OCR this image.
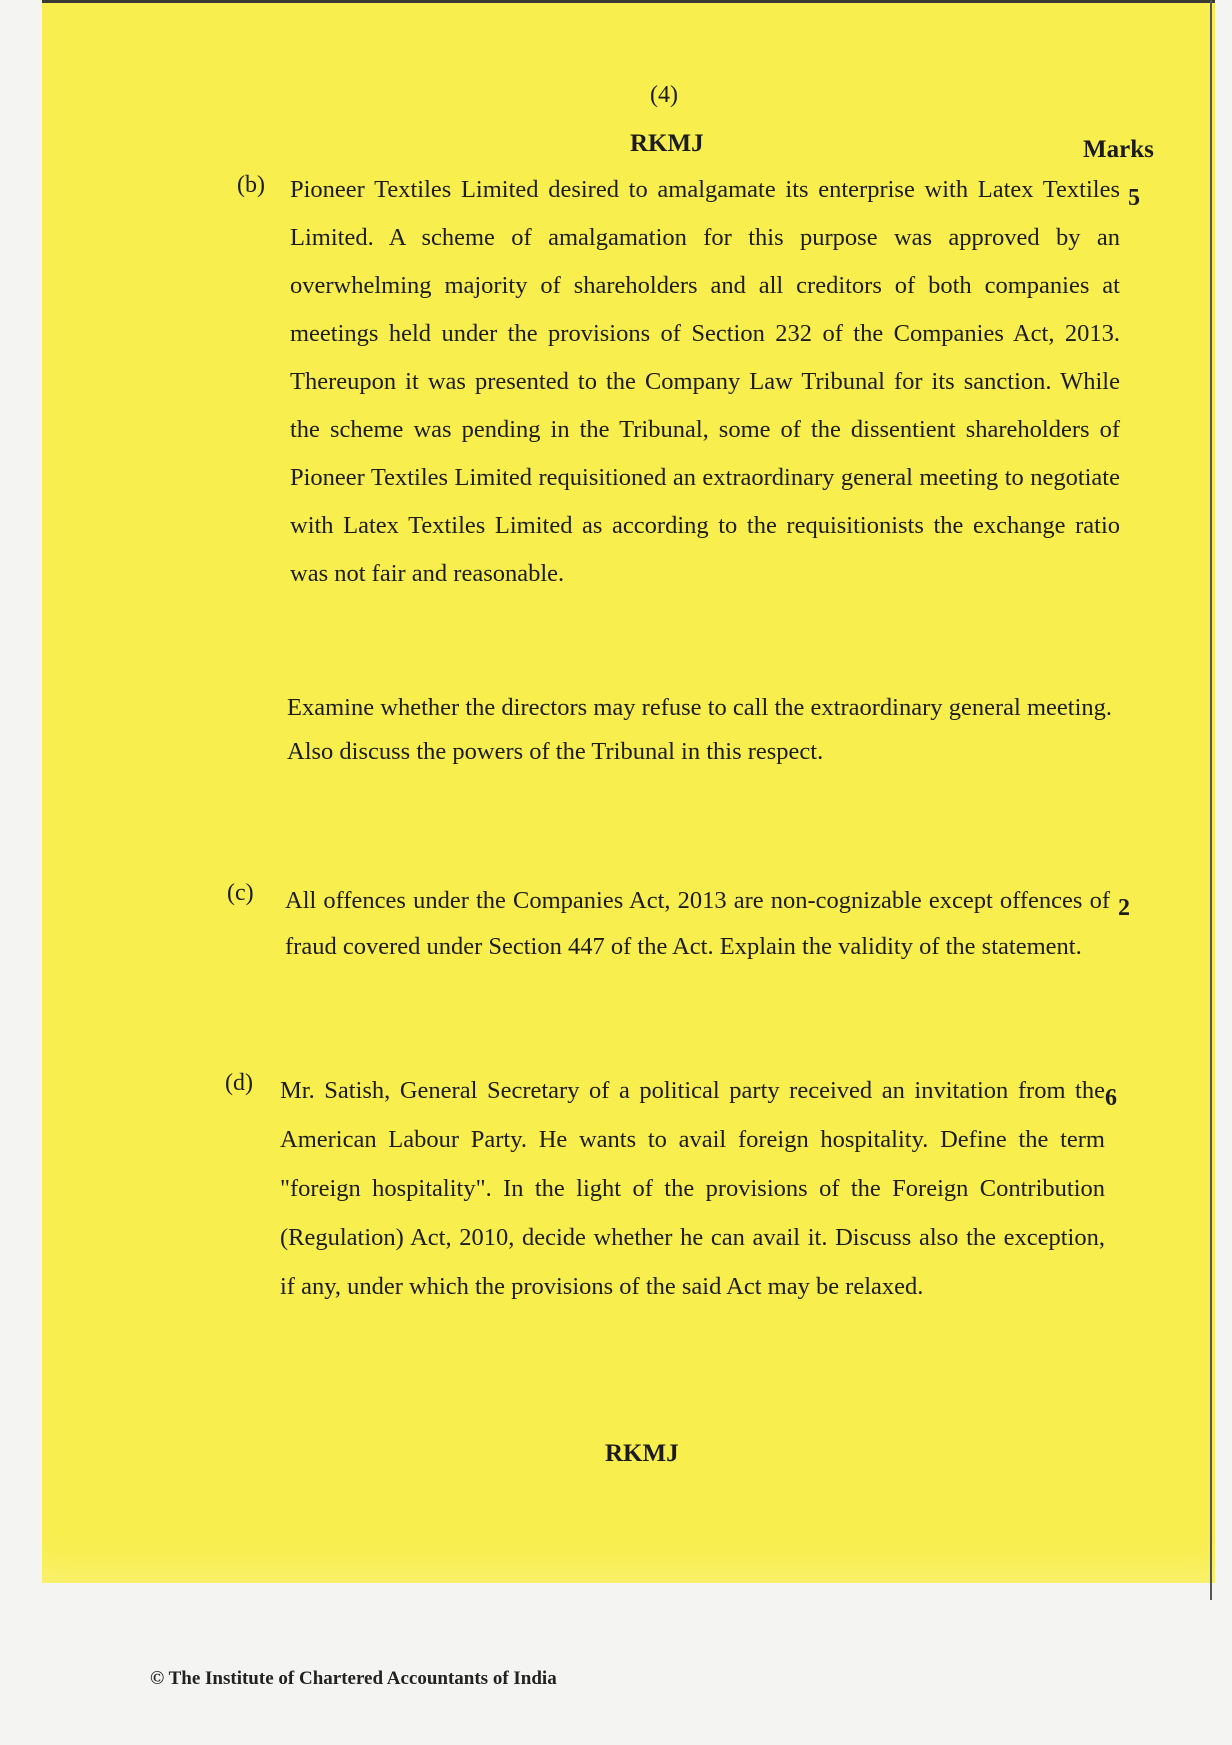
(4)
RKMJ	Marks
(b)	5
Pioneer Textiles Limited desired to amalgamate its enterprise with Latex Textiles Limited. A scheme of amalgamation for this purpose was approved by an overwhelming majority of shareholders and all creditors of both companies at meetings held under the provisions of Section 232 of the Companies Act, 2013. Thereupon it was presented to the Company Law Tribunal for its sanction. While the scheme was pending in the Tribunal, some of the dissentient shareholders of Pioneer Textiles Limited requisitioned an extraordinary general meeting to negotiate with Latex Textiles Limited as according to the requisitionists the exchange ratio was not fair and reasonable.
Examine whether the directors may refuse to call the extraordinary general meeting. Also discuss the powers of the Tribunal in this respect.
(c)
2
All offences under the Companies Act, 2013 are non-cognizable except offences of fraud covered under Section 447 of the Act. Explain the validity of the statement.
(d)
6
Mr. Satish, General Secretary of a political party received an invitation from the American Labour Party. He wants to avail foreign hospitality. Define the term "foreign hospitality". In the light of the provisions of the Foreign Contribution (Regulation) Act, 2010, decide whether he can avail it. Discuss also the exception, if any, under which the provisions of the said Act may be relaxed.
RKMJ
© The Institute of Chartered Accountants of India
